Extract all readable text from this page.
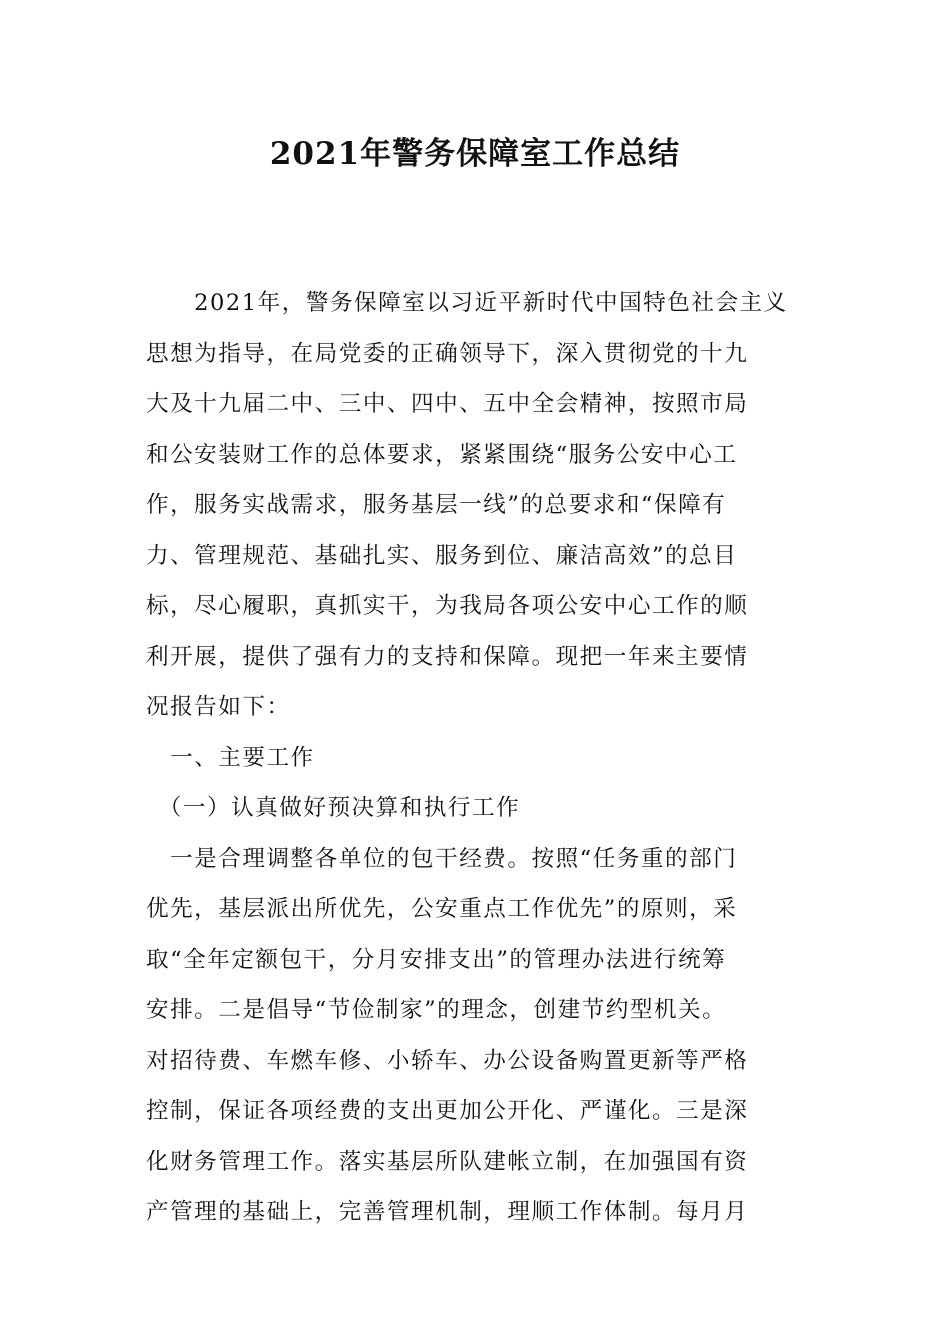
2021年警务保障室工作总结
　　2021年，警务保障室以习近平新时代中国特色社会主义
思想为指导，在局党委的正确领导下，深入贯彻党的十九
大及十九届二中、三中、四中、五中全会精神，按照市局
和公安装财工作的总体要求，紧紧围绕“服务公安中心工
作，服务实战需求，服务基层一线”的总要求和“保障有
力、管理规范、基础扎实、服务到位、廉洁高效”的总目
标，尽心履职，真抓实干，为我局各项公安中心工作的顺
利开展，提供了强有力的支持和保障。现把一年来主要情
况报告如下：
　一、主要工作
　（一）认真做好预决算和执行工作
　一是合理调整各单位的包干经费。按照“任务重的部门
优先，基层派出所优先，公安重点工作优先”的原则，采
取“全年定额包干，分月安排支出”的管理办法进行统筹
安排。二是倡导“节俭制家”的理念，创建节约型机关。
对招待费、车燃车修、小轿车、办公设备购置更新等严格
控制，保证各项经费的支出更加公开化、严谨化。三是深
化财务管理工作。落实基层所队建帐立制，在加强国有资
产管理的基础上，完善管理机制，理顺工作体制。每月月
